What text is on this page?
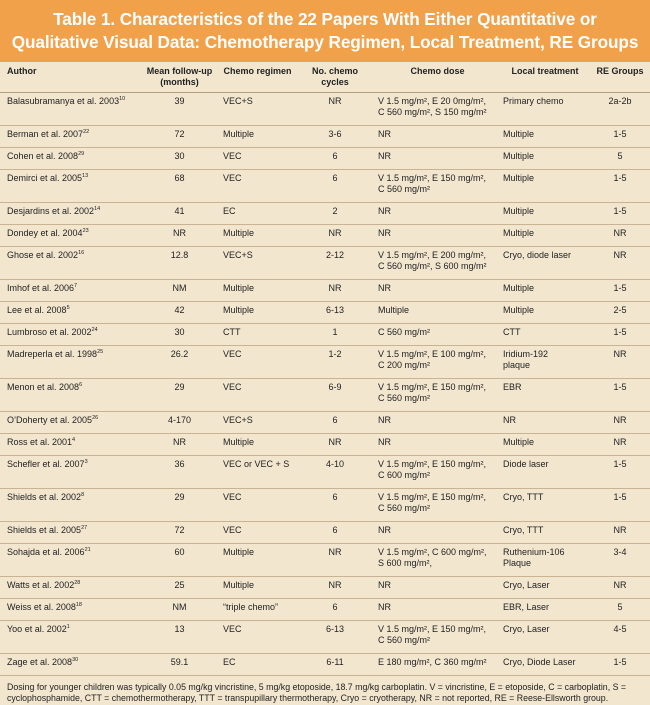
Table 1. Characteristics of the 22 Papers With Either Quantitative or
Qualitative Visual Data: Chemotherapy Regimen, Local Treatment, RE Groups
Author	Mean follow-up (months)	Chemo regimen	No. chemo cycles	Chemo dose	Local treatment	RE Groups
Balasubramanya et al. 2003$^{10}$	39	VEC+S	NR	V 1.5 mg/m², E 20 0mg/m²,
C 560 mg/m², S 150 mg/m²	Primary chemo	2a-2b
Berman et al. 2007$^{22}$	72	Multiple	3-6	NR	Multiple	1-5
Cohen et al. 2008$^{29}$	30	VEC	6	NR	Multiple	5
Demirci et al. 2005$^{13}$	68	VEC	6	V 1.5 mg/m², E 150 mg/m²,
C 560 mg/m²	Multiple	1-5
Desjardins et al. 2002$^{14}$	41	EC	2	NR	Multiple	1-5
Dondey et al. 2004$^{23}$	NR	Multiple	NR	NR	Multiple	NR
Ghose et al. 2002$^{16}$	12.8	VEC+S	2-12	V 1.5 mg/m², E 200 mg/m²,
C 560 mg/m², S 600 mg/m²	Cryo, diode laser	NR
Imhof et al. 2006$^7$	NM	Multiple	NR	NR	Multiple	1-5
Lee et al. 2008$^5$	42	Multiple	6-13	Multiple	Multiple	2-5
Lumbroso et al. 2002$^{24}$	30	CTT	1	C 560 mg/m²	CTT	1-5
Madreperla et al. 1998$^{25}$	26.2	VEC	1-2	V 1.5 mg/m², E 100 mg/m²,
C 200 mg/m²	Iridium-192
plaque	NR
Menon et al. 2008$^6$	29	VEC	6-9	V 1.5 mg/m², E 150 mg/m²,
C 560 mg/m²	EBR	1-5
O’Doherty et al. 2005$^{26}$	4-170	VEC+S	6	NR	NR	NR
Ross et al. 2001$^4$	NR	Multiple	NR	NR	Multiple	NR
Schefler et al. 2007$^3$	36	VEC or VEC + S	4-10	V 1.5 mg/m², E 150 mg/m²,
C 600 mg/m²	Diode laser	1-5
Shields et al. 2002$^8$	29	VEC	6	V 1.5 mg/m², E 150 mg/m²,
C 560 mg/m²	Cryo, TTT	1-5
Shields et al. 2005$^{27}$	72	VEC	6	NR	Cryo, TTT	NR
Sohajda et al. 2006$^{21}$	60	Multiple	NR	V 1.5 mg/m², C 600 mg/m²,
S 600 mg/m²,	Ruthenium-106
Plaque	3-4
Watts et al. 2002$^{28}$	25	Multiple	NR	NR	Cryo, Laser	NR
Weiss et al. 2008$^{18}$	NM	“triple chemo”	6	NR	EBR, Laser	5
Yoo et al. 2002$^1$	13	VEC	6-13	V 1.5 mg/m², E 150 mg/m²,
C 560 mg/m²	Cryo, Laser	4-5
Zage et al. 2008$^{30}$	59.1	EC	6-11	E 180 mg/m², C 360 mg/m²	Cryo, Diode Laser	1-5
Dosing for younger children was typically 0.05 mg/kg vincristine, 5 mg/kg etoposide, 18.7 mg/kg carboplatin. V = vincristine, E = etoposide, C = carboplatin, S = cyclophosphamide, CTT = chemothermotherapy, TTT = transpupillary thermotherapy, Cryo = cryotherapy, NR = not reported, RE = Reese-Ellsworth group.
